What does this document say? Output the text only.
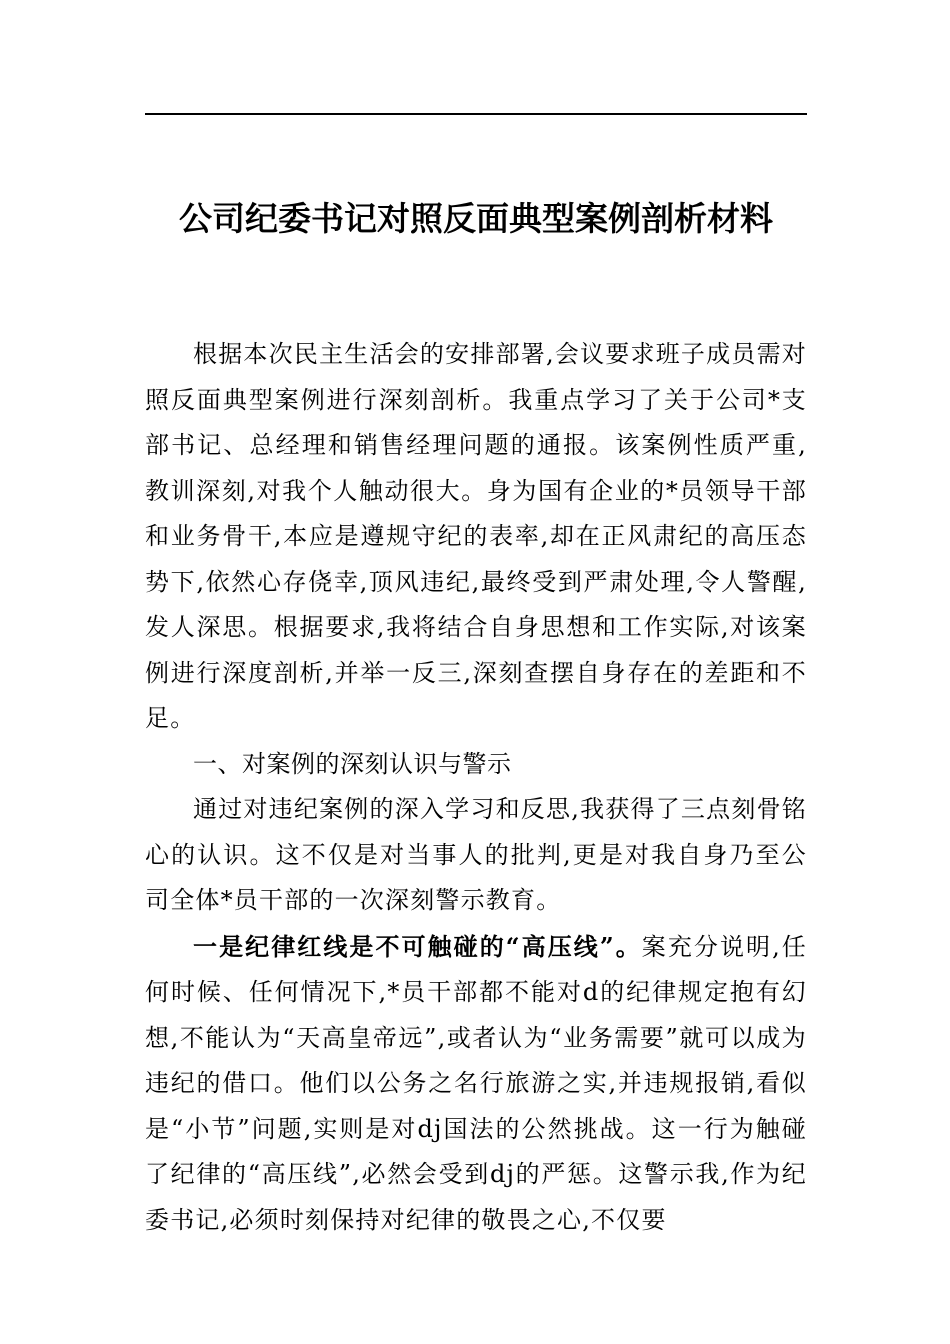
公司纪委书记对照反面典型案例剖析材料

根据本次民主生活会的安排部署,会议要求班子成员需对照反面典型案例进行深刻剖析。我重点学习了关于公司*支部书记、总经理和销售经理问题的通报。该案例性质严重,教训深刻,对我个人触动很大。身为国有企业的*员领导干部和业务骨干,本应是遵规守纪的表率,却在正风肃纪的高压态势下,依然心存侥幸,顶风违纪,最终受到严肃处理,令人警醒,发人深思。根据要求,我将结合自身思想和工作实际,对该案例进行深度剖析,并举一反三,深刻查摆自身存在的差距和不足。

一、对案例的深刻认识与警示

通过对违纪案例的深入学习和反思,我获得了三点刻骨铭心的认识。这不仅是对当事人的批判,更是对我自身乃至公司全体*员干部的一次深刻警示教育。

一是纪律红线是不可触碰的“高压线”。案充分说明,任何时候、任何情况下,*员干部都不能对d的纪律规定抱有幻想,不能认为“天高皇帝远”,或者认为“业务需要”就可以成为违纪的借口。他们以公务之名行旅游之实,并违规报销,看似是“小节”问题,实则是对dj国法的公然挑战。这一行为触碰了纪律的“高压线”,必然会受到dj的严惩。这警示我,作为纪委书记,必须时刻保持对纪律的敬畏之心,不仅要
